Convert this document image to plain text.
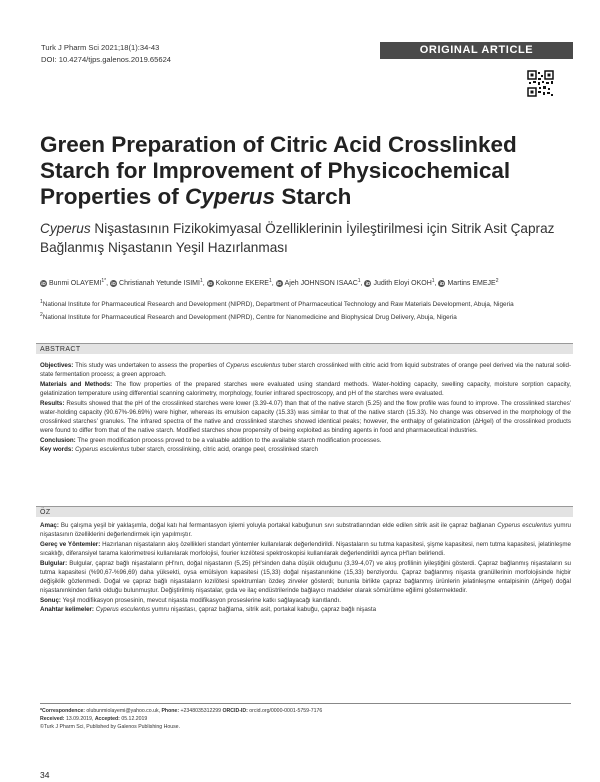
Turk J Pharm Sci 2021;18(1):34-43
DOI: 10.4274/tjps.galenos.2019.65624
ORIGINAL ARTICLE
Green Preparation of Citric Acid Crosslinked
Starch for Improvement of Physicochemical
Properties of Cyperus Starch
Cyperus Nişastasının Fizikokimyasal Özelliklerinin İyileştirilmesi için Sitrik Asit Çapraz Bağlanmış Nişastanın Yeşil Hazırlanması
iD Bunmi $OLAYEMI^{1*}$, iD Christianah Yetunde ISIMI$^1$, iD Kokonne EKERE$^1$, iD Ajeh JOHNSON ISAAC$^1$, iD Judith Eloyi OKOH$^1$, iD Martins EMEJE$^2$
$^1$National Institute for Pharmaceutical Research and Development (NIPRD), Department of Pharmaceutical Technology and Raw Materials Development, Abuja, Nigeria
$^2$National Institute for Pharmaceutical Research and Development (NIPRD), Centre for Nanomedicine and Biophysical Drug Delivery, Abuja, Nigeria
ABSTRACT

Objectives: This study was undertaken to assess the properties of Cyperus esculentus tuber starch crosslinked with citric acid from liquid substrates of orange peel derived via the natural solid- state fermentation process; a green approach.

Materials and Methods: The flow properties of the prepared starches were evaluated using standard methods. Water-holding capacity, swelling capacity, moisture sorption capacity, gelatinization temperature using differential scanning calorimetry, morphology, fourier infrared spectroscopy, and pH of the starches were evaluated.

Results: Results showed that the pH of the crosslinked starches were lower (3.39-4.07) than that of the native starch (5.25) and the flow profile was found to improve. The crosslinked starches' water-holding capacity (90.67%-96.69%) were higher, whereas its emulsion capacity (15.33) was similar to that of the native starch (15.33). No change was observed in the morphology of the crosslinked starches' granules. The infrared spectra of the native and crosslinked starches showed identical peaks; however, the enthalpy of gelatinization (ΔHgel) of the crosslinked products were found to differ from that of the native starch. Modified starches show propensity of being exploited as binding agents in food and pharmaceutical industries.

Conclusion: The green modification process proved to be a valuable addition to the available starch modification processes.

Key words: Cyperus esculentus tuber starch, crosslinking, citric acid, orange peel, crosslinked starch

ÖZ

Amaç: Bu çalışma yeşil bir yaklaşımla, doğal katı hal fermantasyon işlemi yoluyla portakal kabuğunun sıvı substratlarından elde edilen sitrik asit ile çapraz bağlanan Cyperus esculentus yumru nişastasının özelliklerini değerlendirmek için yapılmıştır.

Gereç ve Yöntemler: Hazırlanan nişastaların akış özellikleri standart yöntemler kullanılarak değerlendirildi. Nişastaların su tutma kapasitesi, şişme kapasitesi, nem tutma kapasitesi, jelatinleşme sıcaklığı, diferansiyel tarama kalorimetresi kullanılarak morfolojisi, fourier kızılötesi spektroskopisi kullanılarak değerlendirildi ayrıca pH'ları belirlendi.

Bulgular: Bulgular, çapraz bağlı nişastaların pH'nın, doğal nişastanın (5,25) pH'sinden daha düşük olduğunu (3,39-4,07) ve akış profilinin iyileştiğini gösterdi. Çapraz bağlanmış nişastaların su tutma kapasitesi (%90,67-%96,69) daha yüksekti, oysa emülsiyon kapasitesi (15,33) doğal nişastanınkine (15,33) benziyordu. Çapraz bağlanmış nişasta granüllerinin morfolojisinde hiçbir değişiklik gözlenmedi. Doğal ve çapraz bağlı nişastaların kızılötesi spektrumları özdeş zirveler gösterdi; bununla birlikte çapraz bağlanmış ürünlerin jelatinleşme entalpisinin (ΔHgel) doğal nişastanınkinden farklı olduğu bulunmuştur. Değiştirilmiş nişastalar, gıda ve ilaç endüstrilerinde bağlayıcı maddeler olarak sömürülme eğilimi göstermektedir.

Sonuç: Yeşil modifikasyon prosesinin, mevcut nişasta modifikasyon proseslerine katkı sağlayacağı kanıtlandı.

Anahtar kelimeler: Cyperus esculentus yumru nişastası, çapraz bağlama, sitrik asit, portakal kabuğu, çapraz bağlı nişasta

*Correspondence: olubunmiolayemi@yahoo.co.uk, Phone: +2348035312299 ORCID-ID: orcid.org/0000-0001-5759-7176
Received: 13.09.2019, Accepted: 05.12.2019
©Turk J Pharm Sci, Published by Galenos Publishing House.
34
